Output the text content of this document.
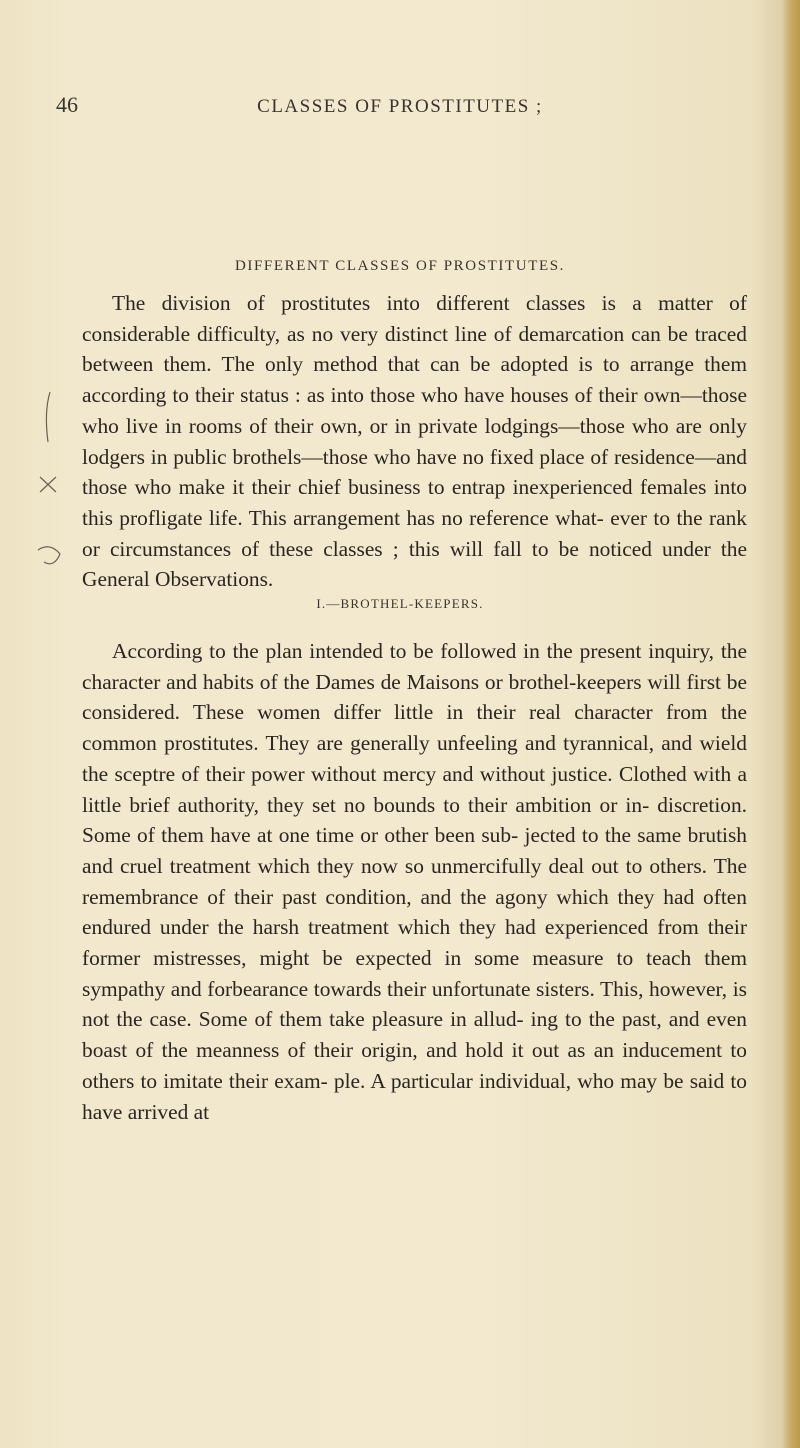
46	CLASSES OF PROSTITUTES ;
DIFFERENT CLASSES OF PROSTITUTES.

The division of prostitutes into different classes is a matter of considerable difficulty, as no very distinct line of demarcation can be traced between them. The only method that can be adopted is to arrange them according to their status : as into those who have houses of their own—those who live in rooms of their own, or in private lodgings—those who are only lodgers in public brothels—those who have no fixed place of residence—and those who make it their chief business to entrap inexperienced females into this profligate life. This arrangement has no reference what- ever to the rank or circumstances of these classes ; this will fall to be noticed under the General Observations.

I.—BROTHEL-KEEPERS.

According to the plan intended to be followed in the present inquiry, the character and habits of the Dames de Maisons or brothel-keepers will first be considered. These women differ little in their real character from the common prostitutes. They are generally unfeeling and tyrannical, and wield the sceptre of their power without mercy and without justice. Clothed with a little brief authority, they set no bounds to their ambition or in- discretion. Some of them have at one time or other been sub- jected to the same brutish and cruel treatment which they now so unmercifully deal out to others. The remembrance of their past condition, and the agony which they had often endured under the harsh treatment which they had experienced from their former mistresses, might be expected in some measure to teach them sympathy and forbearance towards their unfortunate sisters. This, however, is not the case. Some of them take pleasure in allud- ing to the past, and even boast of the meanness of their origin, and hold it out as an inducement to others to imitate their exam- ple. A particular individual, who may be said to have arrived at
